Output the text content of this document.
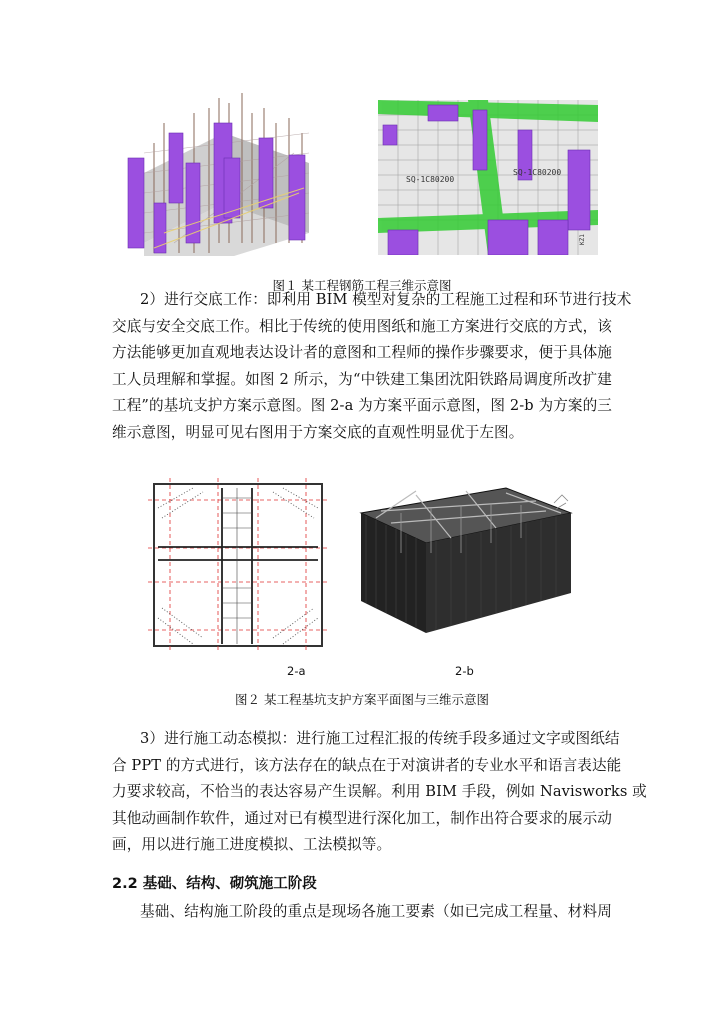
SQ-1C80200
SQ-1C80200
KZ1
图１ 某工程钢筋工程三维示意图
2）进行交底工作：即利用 BIM 模型对复杂的工程施工过程和环节进行技术
交底与安全交底工作。相比于传统的使用图纸和施工方案进行交底的方式，该
方法能够更加直观地表达设计者的意图和工程师的操作步骤要求，便于具体施
工人员理解和掌握。如图 2 所示，为“中铁建工集团沈阳铁路局调度所改扩建
工程”的基坑支护方案示意图。图 2-a 为方案平面示意图，图 2-b 为方案的三
维示意图，明显可见右图用于方案交底的直观性明显优于左图。
2-a	2-b
图２ 某工程基坑支护方案平面图与三维示意图
3）进行施工动态模拟：进行施工过程汇报的传统手段多通过文字或图纸结
合 PPT 的方式进行，该方法存在的缺点在于对演讲者的专业水平和语言表达能
力要求较高，不恰当的表达容易产生误解。利用 BIM 手段，例如 Navisworks 或
其他动画制作软件，通过对已有模型进行深化加工，制作出符合要求的展示动
画，用以进行施工进度模拟、工法模拟等。
2.2 基础、结构、砌筑施工阶段
基础、结构施工阶段的重点是现场各施工要素（如已完成工程量、材料周
